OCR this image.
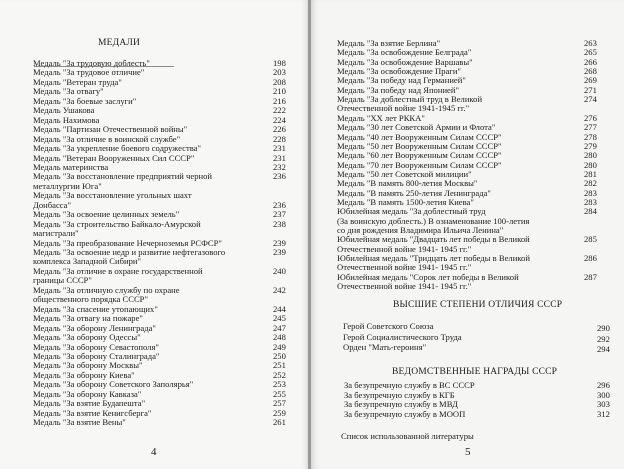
МЕДАЛИ
Медаль "За трудовую доблесть"	198
Медаль "За трудовое отличие"	203
Медаль "Ветеран труда"	208
Медаль "За отвагу"	210
Медаль "За боевые заслуги"	216
Медаль Ушакова	222
Медаль Нахимова	224
Медаль "Партизан Отечественной войны"	226
Медаль "За отличие в воинской службе"	228
Медаль "За укрепление боевого содружества"	231
Медаль "Ветеран Вооруженных Сил СССР"	231
Медаль материнства	232
Медаль "За восстановление предприятий черной	236
металлургии Юга"
Медаль "За восстановление угольных шахт
Донбасса"	236
Медаль "За освоение целинных земель"	237
Медаль "За строительство Байкало-Амурской	238
магистрали"
Медаль "За преобразование Нечерноземья РСФСР"	239
Медаль "За освоение недр и развитие нефтегазового	239
комплекса Западной Сибири"
Медаль "За отличие в охране государственной	240
границы СССР"
Медаль "За отличную службу по охране	242
общественного порядка СССР"
Медаль "За спасение утопающих"	244
Медаль "За отвагу на пожаре"	245
Медаль "За оборону Ленинграда"	247
Медаль "За оборону Одессы"	248
Медаль "За оборону Севастополя"	249
Медаль "За оборону Сталинграда"	250
Медаль "За оборону Москвы"	251
Медаль "За оборону Киева"	252
Медаль "За оборону Советского Заполярья"	253
Медаль "За оборону Кавказа"	255
Медаль "За взятие Будапешта"	257
Медаль "За взятие Кенигсберга"	259
Медаль "За взятие Вены"	261
4
Медаль "За взятие Берлина"	263
Медаль "За освобождение Белграда"	265
Медаль "За освобождение Варшавы"	266
Медаль "За освобождение Праги"	268
Медаль "За победу над Германией"	269
Медаль "За победу над Японией"	271
Медаль "За доблестный труд в Великой	274
Отечественной войне 1941-1945 гг."
Медаль "XX лет РККА"	276
Медаль "30 лет Советской Армии и Флота"	277
Медаль "40 лет Вооруженным Силам СССР"	278
Медаль "50 лет Вооруженным Силам СССР"	279
Медаль "60 лет Вооруженным Силам СССР"	280
Медаль "70 лет Вооруженным Силам СССР"	280
Медаль "50 лет Советской милиции"	281
Медаль "В память 800-летия Москвы"	282
Медаль "В память 250-летия Ленинграда"	283
Медаль "В память 1500-летия Киева"	283
Юбилейная медаль "За доблестный труд	284
(За воинскую доблесть.) В ознаменование 100-летия
со дня рождения Владимира Ильича Ленина"
Юбилейная медаль "Двадцать лет победы в Великой	285
Отечественной войне 1941- 1945 гг."
Юбилейная медаль "Тридцать лет победы в Великой	286
Отечественной войне 1941- 1945 гг."
Юбилейная медаль "Сорок лет победы в Великой	287
Отечественной войне 1941- 1945 гг."
Герой Советского Союза	290
Герой Социалистического Труда	292
Орден "Мать-героиня"	294
За безупречную службу в ВС СССР	296
За безупречную службу в КГБ	300
За безупречную службу в МВД	303
За безупречную службу в МООП	312
ВЫСШИЕ СТЕПЕНИ ОТЛИЧИЯ СССР
ВЕДОМСТВЕННЫЕ НАГРАДЫ СССР
Список использованной литературы
5
